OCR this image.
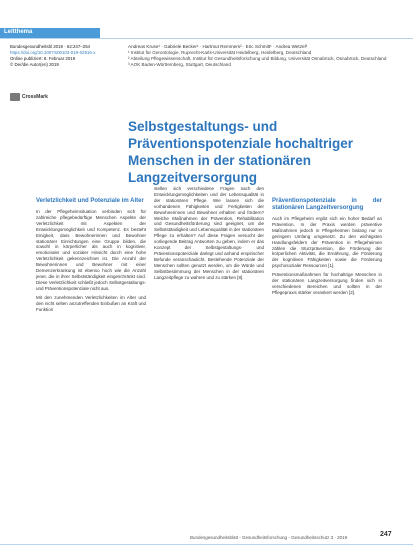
Leitthema
Bundesgesundheitsbl 2019 · 62:247–254
https://doi.org/10.1007/s00103-019-02916-x
Online publiziert: 8. Februar 2019
© Der/die Autor(en) 2019
CrossMark
Andreas Kruse¹ · Gabriele Becker¹ · Hartmut Remmers² · Eric Schmitt¹ · Andrea Wetzel³
¹ Institut für Gerontologie, Ruprecht-Karls-Universität Heidelberg, Heidelberg, Deutschland
² Abteilung Pflegewissenschaft, Institut für Gesundheitsforschung und Bildung, Universität Osnabrück, Osnabrück, Deutschland
³ AOK Baden-Württemberg, Stuttgart, Deutschland
Selbstgestaltungs- und Präventionspotenziale hochaltriger Menschen in der stationären Langzeitversorgung
Verletzlichkeit und Potenziale im Alter

In der Pflegeheimsituation verbinden sich für zahlreiche pflegebedürftige Menschen Aspekte der Verletzlichkeit mit Aspekten der Entwicklungsmöglichkeit und Kompetenz. Es besteht Einigkeit, dass Bewohnerinnen und Bewohner stationärer Einrichtungen eine Gruppe bilden, die sowohl in körperlicher als auch in kognitiver, emotionaler und sozialer Hinsicht durch eine hohe Verletzlichkeit gekennzeichnet ist. Die Anzahl der Bewohnerinnen und Bewohner mit einer Demenzerkrankung ist ebenso hoch wie die Anzahl jener, die in ihrer Selbstständigkeit eingeschränkt sind. Diese Verletzlichkeit schließt jedoch Selbstgestaltungs- und Präventionspotenziale nicht aus.

Mit den zunehmenden Verletzlichkeiten im Alter und den nicht selten anzutreffenden Einbußen an Kraft und Funktion

stellen sich verschiedene Fragen nach den Entwicklungsmöglichkeiten und der Lebensqualität in der stationären Pflege. Wie lassen sich die vorhandenen Fähigkeiten und Fertigkeiten der Bewohnerinnen und Bewohner erhalten und fördern? Welche Maßnahmen der Prävention, Rehabilitation und Gesundheitsförderung sind geeignet, um die Selbstständigkeit und Lebensqualität in der stationären Pflege zu erhalten? Auf diese Fragen versucht der vorliegende Beitrag Antworten zu geben, indem er das Konzept der Selbstgestaltungs- und Präventionspotenziale darlegt und anhand empirischer Befunde veranschaulicht. Bestehende Potenziale der Menschen sollten genutzt werden, um die Würde und Selbstbestimmung der Menschen in der stationären Langzeitpflege zu wahren und zu stärken [8].

Präventionspotenziale in der stationären Langzeitversorgung

Auch im Pflegeheim ergibt sich ein hoher Bedarf an Prävention. In der Praxis werden präventive Maßnahmen jedoch in Pflegeheimen bislang nur in geringem Umfang umgesetzt. Zu den wichtigsten Handlungsfeldern der Prävention in Pflegeheimen zählen die Sturzprävention, die Förderung der körperlichen Aktivität, die Ernährung, die Förderung der kognitiven Fähigkeiten sowie die Förderung psychosozialer Ressourcen [1].

Präventionsmaßnahmen für hochaltrige Menschen in der stationären Langzeitversorgung finden sich in verschiedenen Bereichen und sollten in der Pflegepraxis stärker verankert werden [2].

Bundesgesundheitsblatt - Gesundheitsforschung - Gesundheitsschutz 3 · 2019	247
